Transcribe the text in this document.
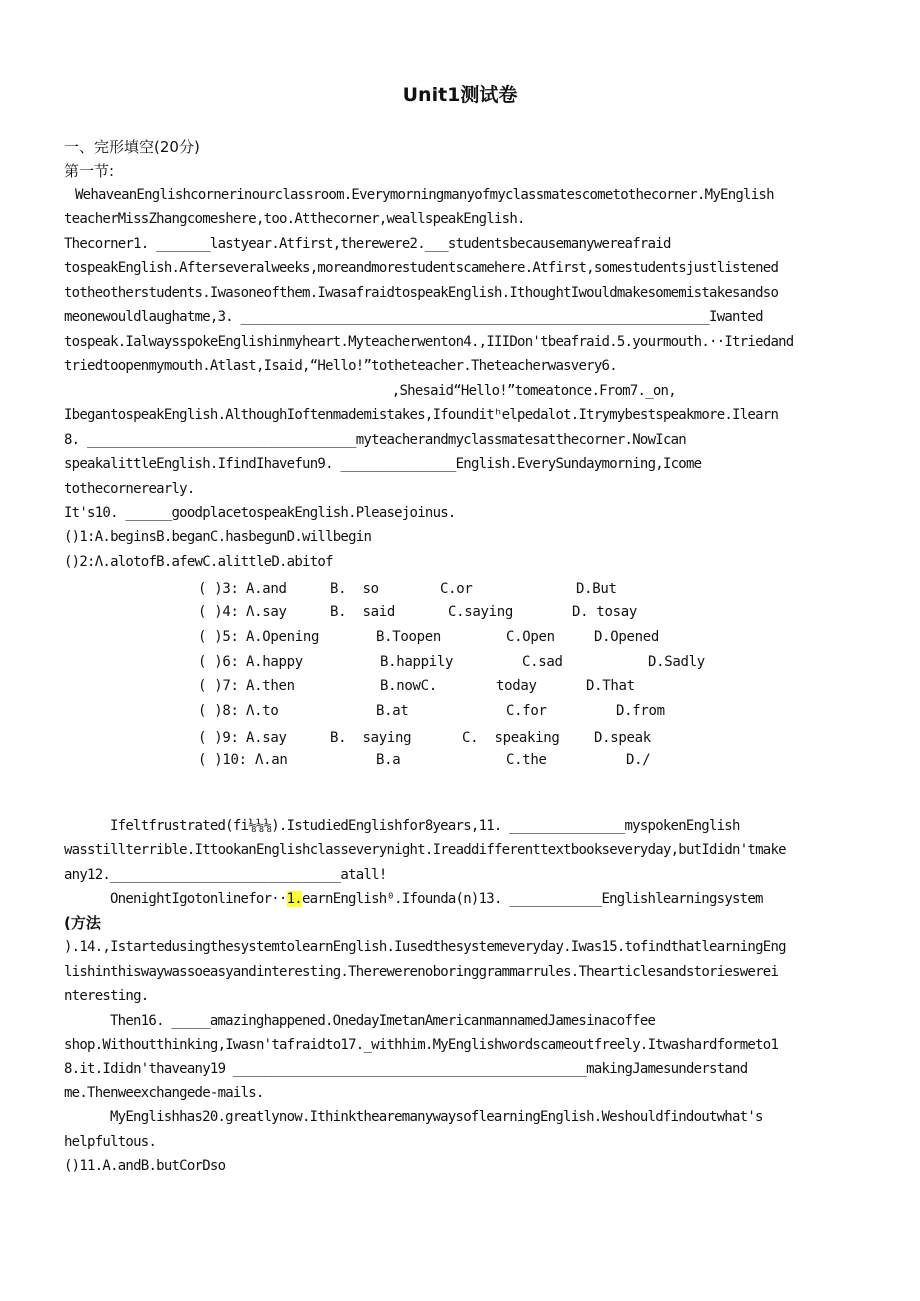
Unit1测试卷
一、完形填空(20分)
第一节:
WehaveanEnglishcornerinourclassroom.Everymorningmanyofmyclassmatescometothecorner.MyEnglish
teacherMissZhangcomeshere,too.Atthecorner,weallspeakEnglish.
Thecorner1. _______lastyear.Atfirst,therewere2.___studentsbecausemanywereafraid
tospeakEnglish.Afterseveralweeks,moreandmorestudentscamehere.Atfirst,somestudentsjustlistened
totheotherstudents.Iwasoneofthem.IwasafraidtospeakEnglish.IthoughtIwouldmakesomemistakesandso
meonewouldlaughatme,3. _____________________________________________________________Iwanted
tospeak.IalwaysspokeEnglishinmyheart.Myteacherwenton4.,IIIDon'tbeafraid.5.yourmouth.··Itriedand
triedtoopenmymouth.Atlast,Isaid,“Hello!”totheteacher.Theteacherwasvery6.
,Shesaid“Hello!”tomeatonce.From7._on,
IbegantospeakEnglish.AlthoughIoftenmademistakes,Ifounditʰelpedalot.Itrymybestspeakmore.Ilearn
8. ___________________________________myteacherandmyclassmatesatthecorner.NowIcan
speakalittleEnglish.IfindIhavefun9. _______________English.EverySundaymorning,Icome
tothecornerearly.
It's10. ______goodplacetospeakEnglish.Pleasejoinus.
()1:A.beginsB.beganC.hasbegunD.willbegin
()2:Λ.alotofB.afewC.alittleD.abitof
( )3: A.and	B.  so	C.or	D.But
( )4: Λ.say	B.  said	C.saying	D. tosay
( )5: A.Opening	B.Toopen	C.Open	D.Opened
( )6: A.happy	B.happily	C.sad	D.Sadly
( )7: A.then	B.nowC.	today	D.That
( )8: Λ.to	B.at	C.for	D.from
( )9: A.say	B.  saying	C.  speaking D.speak
( )10: Λ.an	B.a	C.the	D./
Ifeltfrustrated(fi⅛⅛⅛).IstudiedEnglishfor8years,11. _______________myspokenEnglish
wasstillterrible.IttookanEnglishclasseverynight.Ireaddifferenttextbookseveryday,butIdidn'tmake
any12.______________________________atall!
OnenightIgotonlinefor··1.earnEnglish⁰.Ifounda(n)13. ____________Englishlearningsystem
(方法
).14.,IstartedusingthesystemtolearnEnglish.Iusedthesystemeveryday.Iwas15.tofindthatlearningEng
lishinthiswaywassoeasyandinteresting.Therewerenoboringgrammarrules.Thearticlesandstorieswerei
nteresting.
Then16. _____amazinghappened.OnedayImetanAmericanmannamedJamesinacoffee
shop.Withoutthinking,Iwasn'tafraidto17._withhim.MyEnglishwordscameoutfreely.Itwashardformeto1
8.it.Ididn'thaveany19 ______________________________________________makingJamesunderstand
me.Thenweexchangede-mails.
MyEnglishhas20.greatlynow.IthinkthearemanywaysoflearningEnglish.Weshouldfindoutwhat's
helpfultous.
()11.A.andB.butCorDso
